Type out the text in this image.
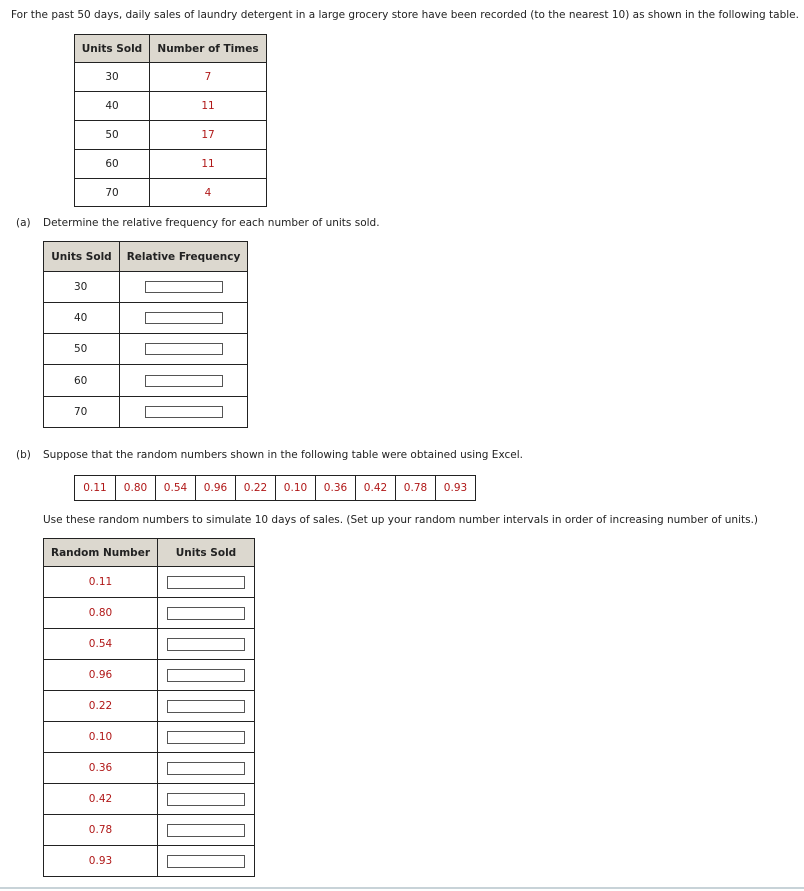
For the past 50 days, daily sales of laundry detergent in a large grocery store have been recorded (to the nearest 10) as shown in the following table.
Units Sold	Number of Times
30	7
40	11
50	17
60	11
70	4
(a) Determine the relative frequency for each number of units sold.
Units Sold	Relative Frequency
30	
40	
50	
60	
70	
(b) Suppose that the random numbers shown in the following table were obtained using Excel.
0.11	0.80	0.54	0.96	0.22	0.10	0.36	0.42	0.78	0.93
Use these random numbers to simulate 10 days of sales. (Set up your random number intervals in order of increasing number of units.)
Random Number	Units Sold
0.11	
0.80	
0.54	
0.96	
0.22	
0.10	
0.36	
0.42	
0.78	
0.93	
